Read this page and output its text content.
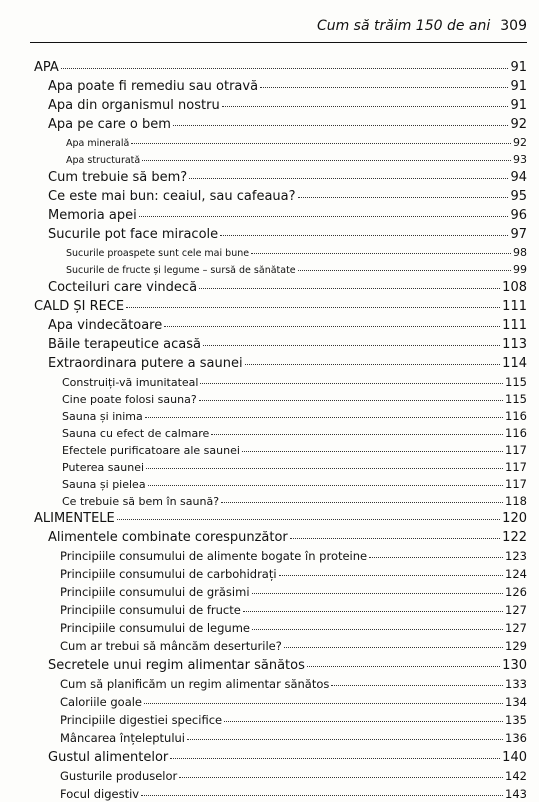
Cum să trăim 150 de ani 309
APA	91
Apa poate fi remediu sau otravă	91
Apa din organismul nostru	91
Apa pe care o bem	92
Apa minerală	92
Apa structurată	93
Cum trebuie să bem?	94
Ce este mai bun: ceaiul, sau cafeaua?	95
Memoria apei	96
Sucurile pot face miracole	97
Sucurile proaspete sunt cele mai bune	98
Sucurile de fructe și legume – sursă de sănătate	99
Cocteiluri care vindecă	108
CALD ȘI RECE	111
Apa vindecătoare	111
Băile terapeutice acasă	113
Extraordinara putere a saunei	114
Construiți-vă imunitateal	115
Cine poate folosi sauna?	115
Sauna și inima	116
Sauna cu efect de calmare	116
Efectele purificatoare ale saunei	117
Puterea saunei	117
Sauna și pielea	117
Ce trebuie să bem în saună?	118
ALIMENTELE	120
Alimentele combinate corespunzător	122
Principiile consumului de alimente bogate în proteine	123
Principiile consumului de carbohidrați	124
Principiile consumului de grăsimi	126
Principiile consumului de fructe	127
Principiile consumului de legume	127
Cum ar trebui să mâncăm deserturile?	129
Secretele unui regim alimentar sănătos	130
Cum să planificăm un regim alimentar sănătos	133
Caloriile goale	134
Principiile digestiei specifice	135
Mâncarea înțeleptului	136
Gustul alimentelor	140
Gusturile produselor	142
Focul digestiv	143
